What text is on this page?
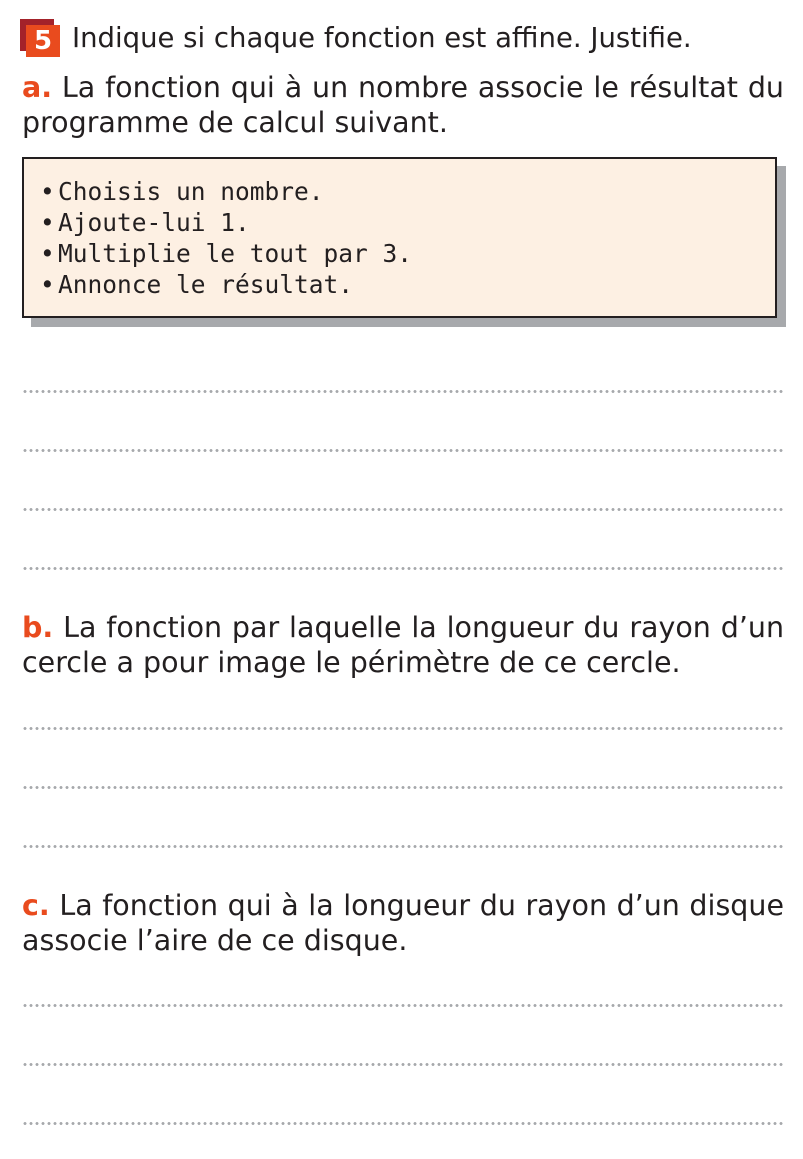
5 Indique si chaque fonction est affine. Justifie.
a. La fonction qui à un nombre associe le résultat du programme de calcul suivant.
• Choisis un nombre.
• Ajoute-lui 1.
• Multiplie le tout par 3.
• Annonce le résultat.
b. La fonction par laquelle la longueur du rayon d’un cercle a pour image le périmètre de ce cercle.
c. La fonction qui à la longueur du rayon d’un disque associe l’aire de ce disque.
